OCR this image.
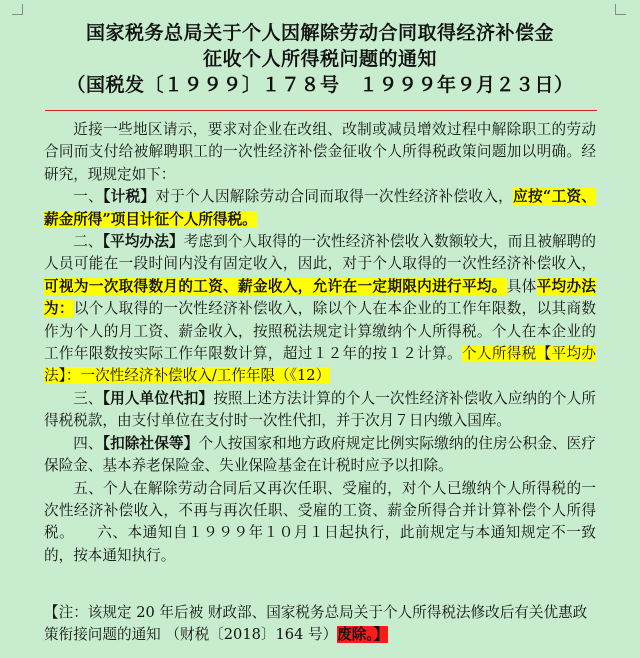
国家税务总局关于个人因解除劳动合同取得经济补偿金
征收个人所得税问题的通知
（国税发〔１９９９〕１７８号　１９９９年９月２３日）

近接一些地区请示，要求对企业在改组、改制或减员增效过程中解除职工的劳动合同而支付给被解聘职工的一次性经济补偿金征收个人所得税政策问题加以明确。经研究，现规定如下：

一、【计税】对于个人因解除劳动合同而取得一次性经济补偿收入，应按“工资、薪金所得”项目计征个人所得税。

二、【平均办法】考虑到个人取得的一次性经济补偿收入数额较大，而且被解聘的人员可能在一段时间内没有固定收入，因此，对于个人取得的一次性经济补偿收入，可视为一次取得数月的工资、薪金收入，允许在一定期限内进行平均。具体平均办法为：以个人取得的一次性经济补偿收入，除以个人在本企业的工作年限数，以其商数作为个人的月工资、薪金收入，按照税法规定计算缴纳个人所得税。个人在本企业的工作年限数按实际工作年限数计算，超过１２年的按１２计算。个人所得税【平均办法】：一次性经济补偿收入/工作年限（《12）

三、【用人单位代扣】按照上述方法计算的个人一次性经济补偿收入应纳的个人所得税税款，由支付单位在支付时一次性代扣，并于次月７日内缴入国库。

四、【扣除社保等】个人按国家和地方政府规定比例实际缴纳的住房公积金、医疗保险金、基本养老保险金、失业保险基金在计税时应予以扣除。

五、个人在解除劳动合同后又再次任职、受雇的，对个人已缴纳个人所得税的一次性经济补偿收入，不再与再次任职、受雇的工资、薪金所得合并计算补偿个人所得税。　　六、本通知自１９９９年１０月１日起执行，此前规定与本通知规定不一致的，按本通知执行。

【注：该规定 20 年后被 财政部、国家税务总局关于个人所得税法修改后有关优惠政策衔接问题的通知 （财税〔2018〕164 号）废除。】
